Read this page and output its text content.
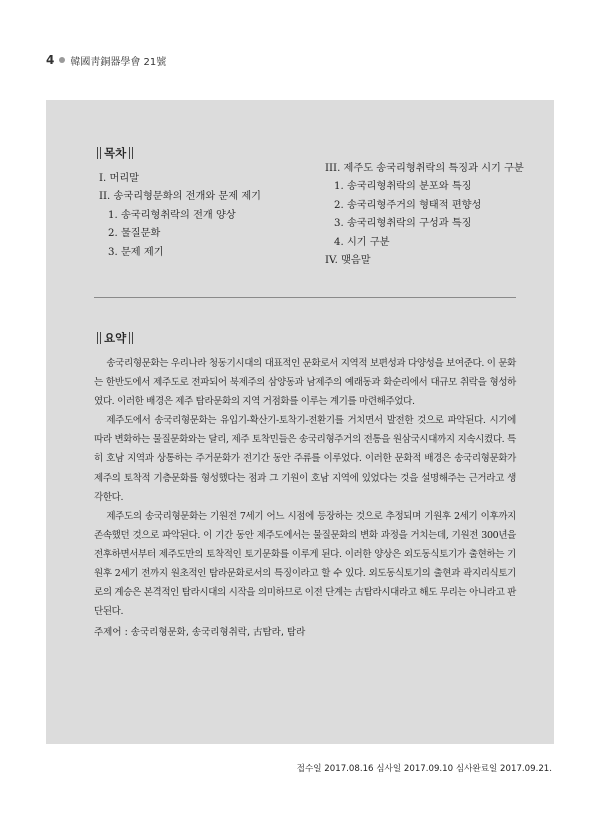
4 韓國靑銅器學會 21號
목차
I. 머리말
II. 송국리형문화의 전개와 문제 제기
1. 송국리형취락의 전개 양상
2. 물질문화
3. 문제 제기
III. 제주도 송국리형취락의 특징과 시기 구분
1. 송국리형취락의 분포와 특징
2. 송국리형주거의 형태적 편향성
3. 송국리형취락의 구성과 특징
4. 시기 구분
IV. 맺음말
요약

송국리형문화는 우리나라 청동기시대의 대표적인 문화로서 지역적 보편성과 다양성을 보여준다. 이 문화는 한반도에서 제주도로 전파되어 북제주의 삼양동과 남제주의 예래동과 화순리에서 대규모 취락을 형성하였다. 이러한 배경은 제주 탐라문화의 지역 거점화를 이루는 계기를 마련해주었다.

제주도에서 송국리형문화는 유입기-확산기-토착기-전환기를 거치면서 발전한 것으로 파악된다. 시기에 따라 변화하는 물질문화와는 달리, 제주 토착민들은 송국리형주거의 전통을 원삼국시대까지 지속시켰다. 특히 호남 지역과 상통하는 주거문화가 전기간 동안 주류를 이루었다. 이러한 문화적 배경은 송국리형문화가 제주의 토착적 기층문화를 형성했다는 점과 그 기원이 호남 지역에 있었다는 것을 설명해주는 근거라고 생각한다.

제주도의 송국리형문화는 기원전 7세기 어느 시점에 등장하는 것으로 추정되며 기원후 2세기 이후까지 존속했던 것으로 파악된다. 이 기간 동안 제주도에서는 물질문화의 변화 과정을 거치는데, 기원전 300년을 전후하면서부터 제주도만의 토착적인 토기문화를 이루게 된다. 이러한 양상은 외도동식토기가 출현하는 기원후 2세기 전까지 원초적인 탐라문화로서의 특징이라고 할 수 있다. 외도동식토기의 출현과 곽지리식토기로의 계승은 본격적인 탐라시대의 시작을 의미하므로 이전 단계는 古탐라시대라고 해도 무리는 아니라고 판단된다.

주제어 : 송국리형문화, 송국리형취락, 古탐라, 탐라
접수일 2017.08.16 심사일 2017.09.10 심사완료일 2017.09.21.
